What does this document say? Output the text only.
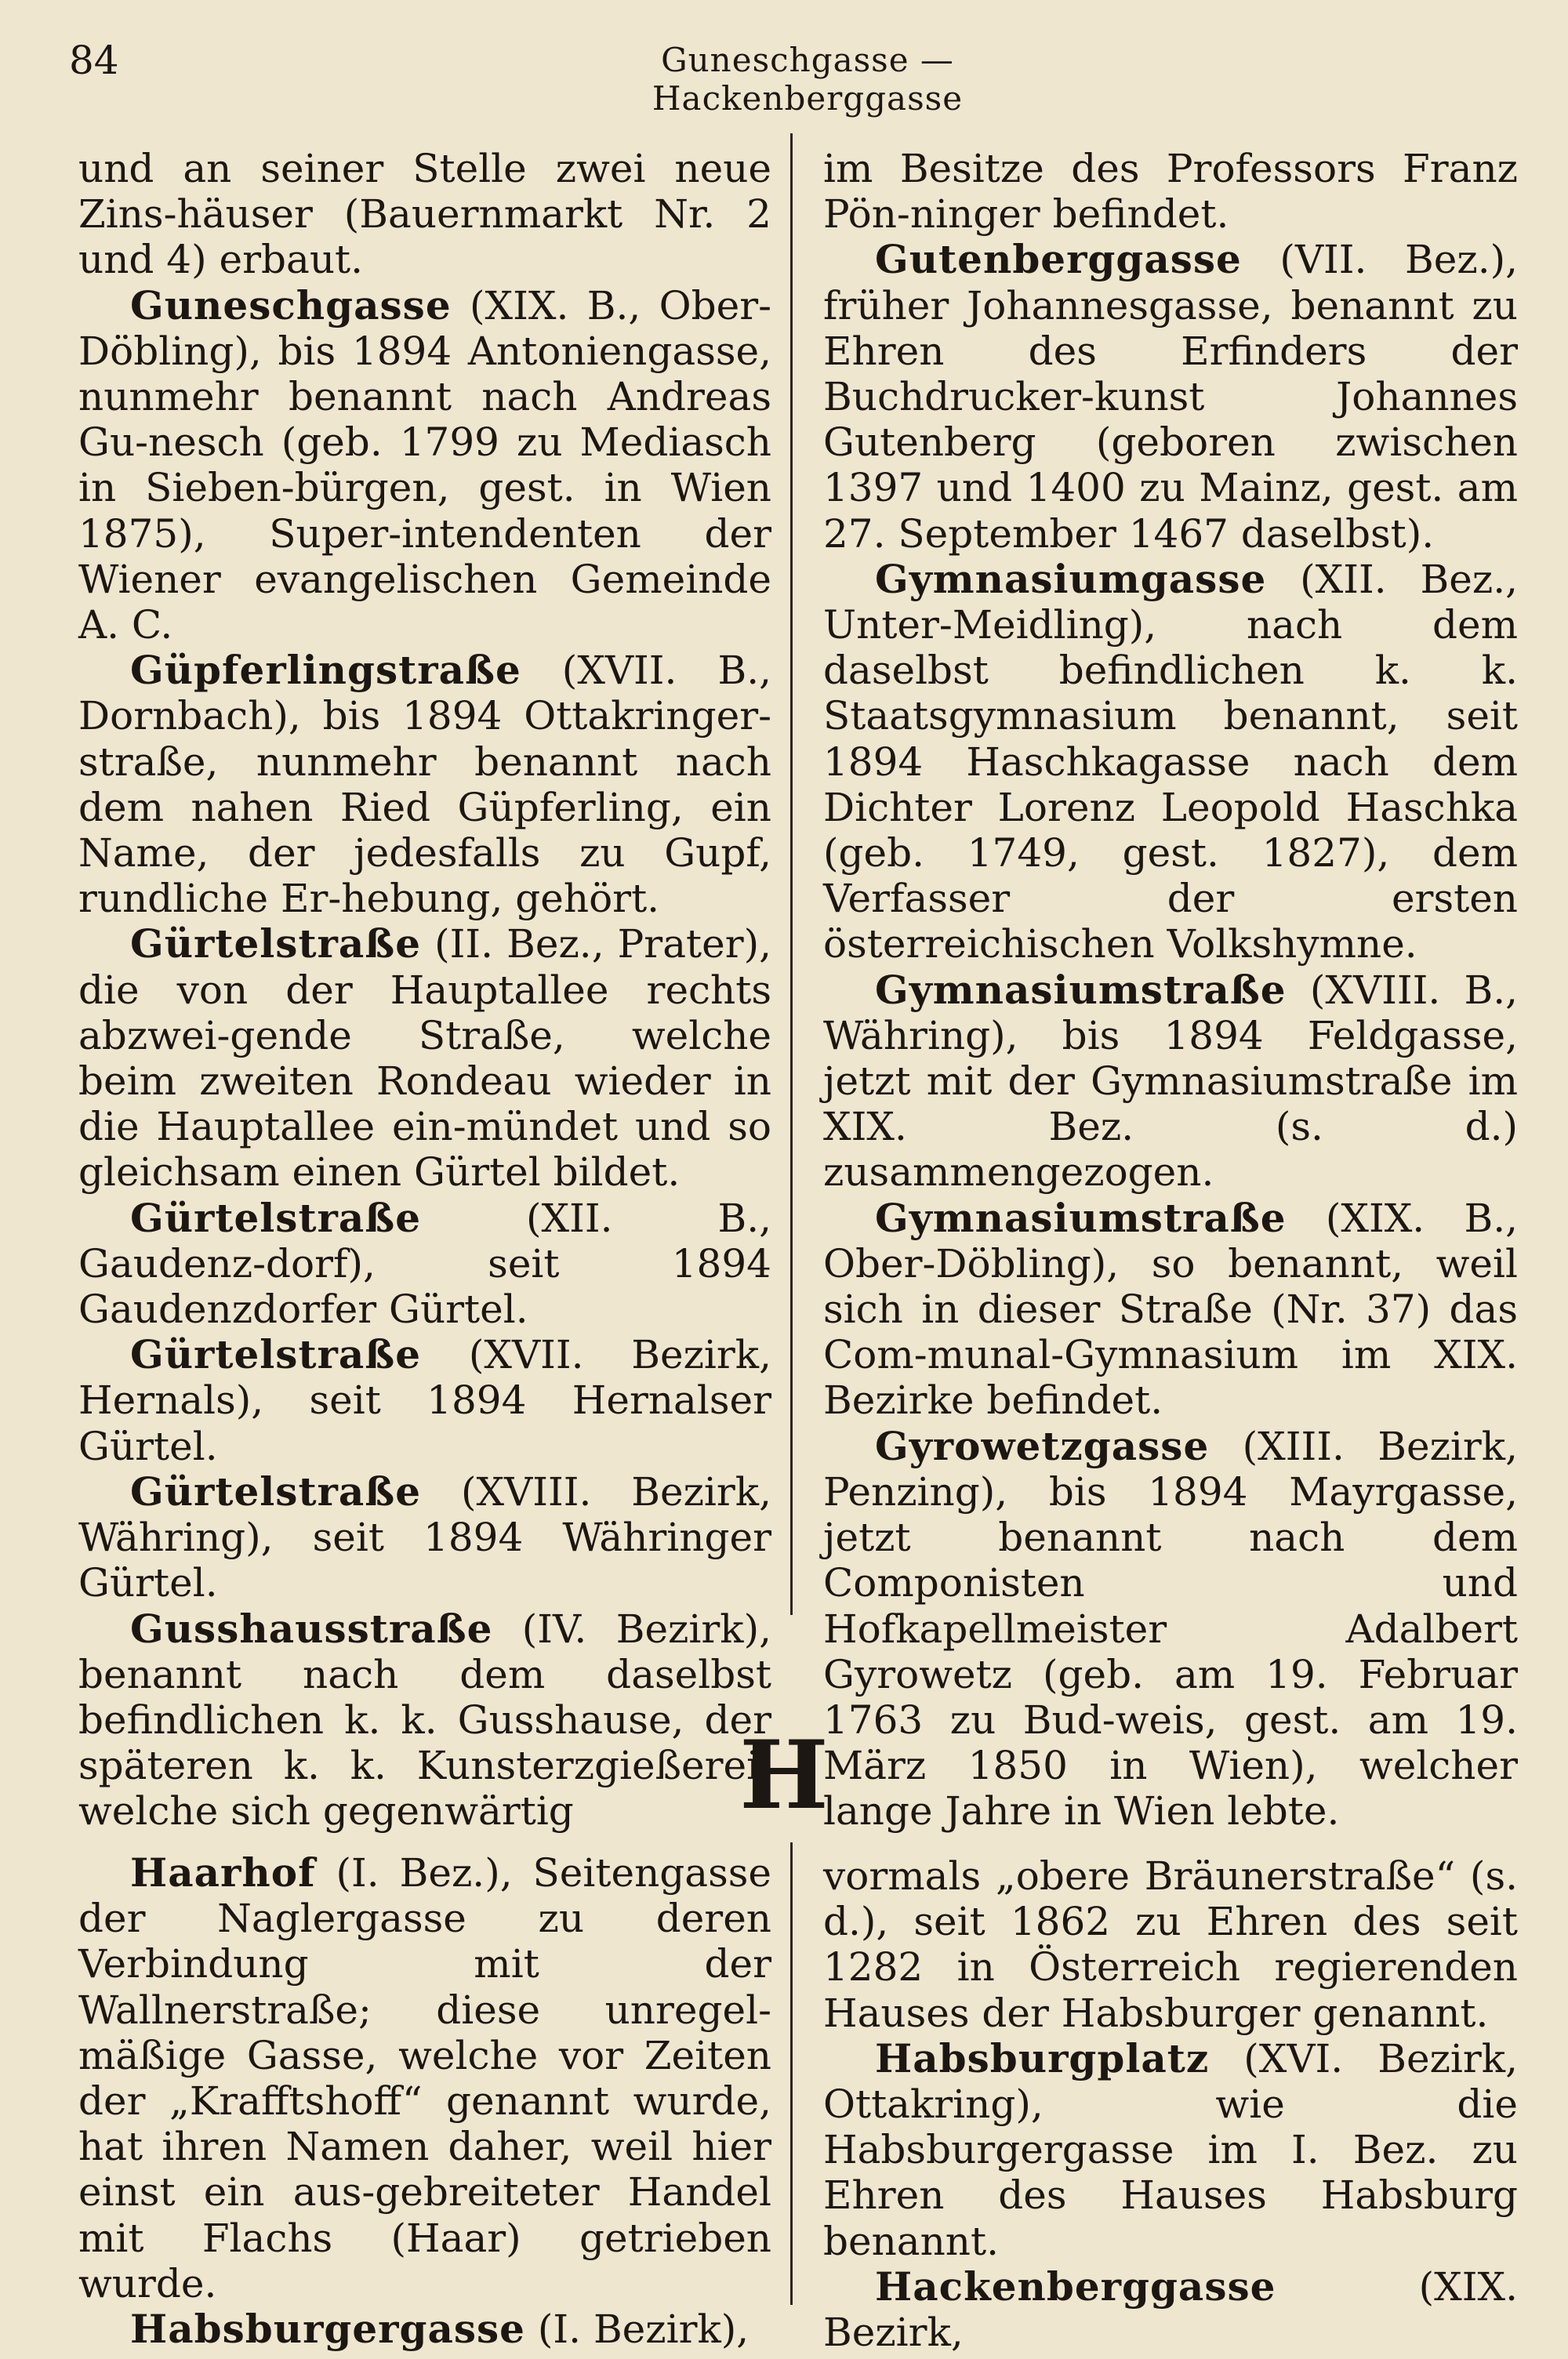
84	Guneschgasse — Hackenberggasse

und an seiner Stelle zwei neue Zins-häuser (Bauernmarkt Nr. 2 und 4) erbaut.

Guneschgasse (XIX. B., Ober-Döbling), bis 1894 Antoniengasse, nunmehr benannt nach Andreas Gu-nesch (geb. 1799 zu Mediasch in Sieben-bürgen, gest. in Wien 1875), Super-intendenten der Wiener evangelischen Gemeinde A. C.

Güpferlingstraße (XVII. B., Dornbach), bis 1894 Ottakringer-straße, nunmehr benannt nach dem nahen Ried Güpferling, ein Name, der jedesfalls zu Gupf, rundliche Er-hebung, gehört.

Gürtelstraße (II. Bez., Prater), die von der Hauptallee rechts abzwei-gende Straße, welche beim zweiten Rondeau wieder in die Hauptallee ein-mündet und so gleichsam einen Gürtel bildet.

Gürtelstraße (XII. B., Gaudenz-dorf), seit 1894 Gaudenzdorfer Gürtel.

Gürtelstraße (XVII. Bezirk, Hernals), seit 1894 Hernalser Gürtel.

Gürtelstraße (XVIII. Bezirk, Währing), seit 1894 Währinger Gürtel.

Gusshausstraße (IV. Bezirk), benannt nach dem daselbst befindlichen k. k. Gusshause, der späteren k. k. Kunsterzgießerei, welche sich gegenwärtig

im Besitze des Professors Franz Pön-ninger befindet.

Gutenberggasse (VII. Bez.), früher Johannesgasse, benannt zu Ehren des Erfinders der Buchdrucker-kunst Johannes Gutenberg (geboren zwischen 1397 und 1400 zu Mainz, gest. am 27. September 1467 daselbst).

Gymnasiumgasse (XII. Bez., Unter-Meidling), nach dem daselbst befindlichen k. k. Staatsgymnasium benannt, seit 1894 Haschkagasse nach dem Dichter Lorenz Leopold Haschka (geb. 1749, gest. 1827), dem Verfasser der ersten österreichischen Volkshymne.

Gymnasiumstraße (XVIII. B., Währing), bis 1894 Feldgasse, jetzt mit der Gymnasiumstraße im XIX. Bez. (s. d.) zusammengezogen.

Gymnasiumstraße (XIX. B., Ober-Döbling), so benannt, weil sich in dieser Straße (Nr. 37) das Com-munal-Gymnasium im XIX. Bezirke befindet.

Gyrowetzgasse (XIII. Bezirk, Penzing), bis 1894 Mayrgasse, jetzt benannt nach dem Componisten und Hofkapellmeister Adalbert Gyrowetz (geb. am 19. Februar 1763 zu Bud-weis, gest. am 19. März 1850 in Wien), welcher lange Jahre in Wien lebte.

H

Haarhof (I. Bez.), Seitengasse der Naglergasse zu deren Verbindung mit der Wallnerstraße; diese unregel-mäßige Gasse, welche vor Zeiten der „Krafftshoff“ genannt wurde, hat ihren Namen daher, weil hier einst ein aus-gebreiteter Handel mit Flachs (Haar) getrieben wurde.

Habsburgergasse (I. Bezirk),

vormals „obere Bräunerstraße“ (s. d.), seit 1862 zu Ehren des seit 1282 in Österreich regierenden Hauses der Habsburger genannt.

Habsburgplatz (XVI. Bezirk, Ottakring), wie die Habsburgergasse im I. Bez. zu Ehren des Hauses Habsburg benannt.

Hackenberggasse (XIX. Bezirk,
